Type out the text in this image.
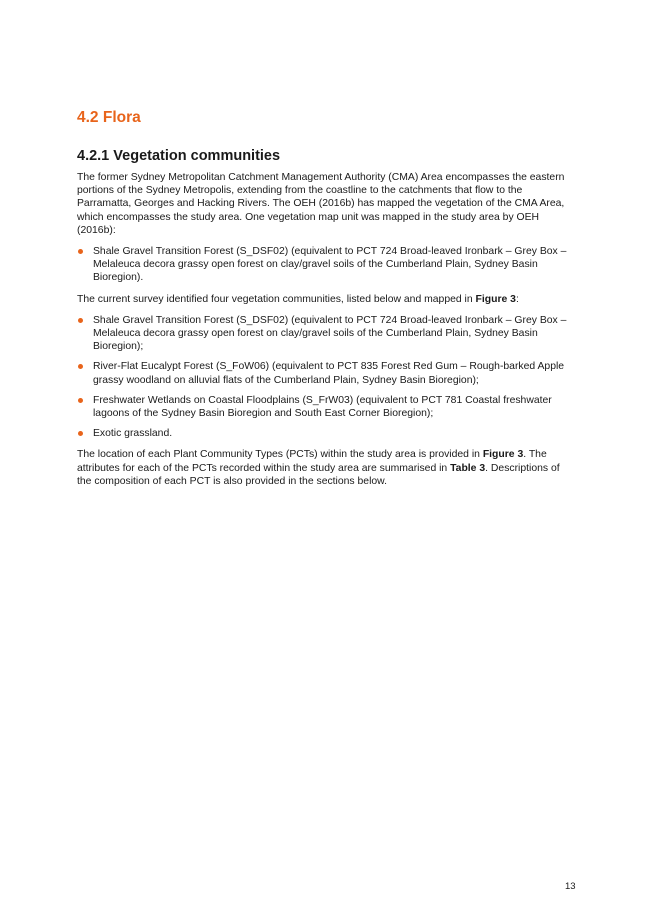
4.2 Flora
4.2.1 Vegetation communities

The former Sydney Metropolitan Catchment Management Authority (CMA) Area encompasses the eastern portions of the Sydney Metropolis, extending from the coastline to the catchments that flow to the Parramatta, Georges and Hacking Rivers. The OEH (2016b) has mapped the vegetation of the CMA Area, which encompasses the study area. One vegetation map unit was mapped in the study area by OEH (2016b):

Shale Gravel Transition Forest (S_DSF02) (equivalent to PCT 724 Broad-leaved Ironbark – Grey Box – Melaleuca decora grassy open forest on clay/gravel soils of the Cumberland Plain, Sydney Basin Bioregion).

The current survey identified four vegetation communities, listed below and mapped in Figure 3:

Shale Gravel Transition Forest (S_DSF02) (equivalent to PCT 724 Broad-leaved Ironbark – Grey Box – Melaleuca decora grassy open forest on clay/gravel soils of the Cumberland Plain, Sydney Basin Bioregion);
River-Flat Eucalypt Forest (S_FoW06) (equivalent to PCT 835 Forest Red Gum – Rough-barked Apple grassy woodland on alluvial flats of the Cumberland Plain, Sydney Basin Bioregion);
Freshwater Wetlands on Coastal Floodplains (S_FrW03) (equivalent to PCT 781 Coastal freshwater lagoons of the Sydney Basin Bioregion and South East Corner Bioregion);
Exotic grassland.

The location of each Plant Community Types (PCTs) within the study area is provided in Figure 3. The attributes for each of the PCTs recorded within the study area are summarised in Table 3. Descriptions of the composition of each PCT is also provided in the sections below.

13
